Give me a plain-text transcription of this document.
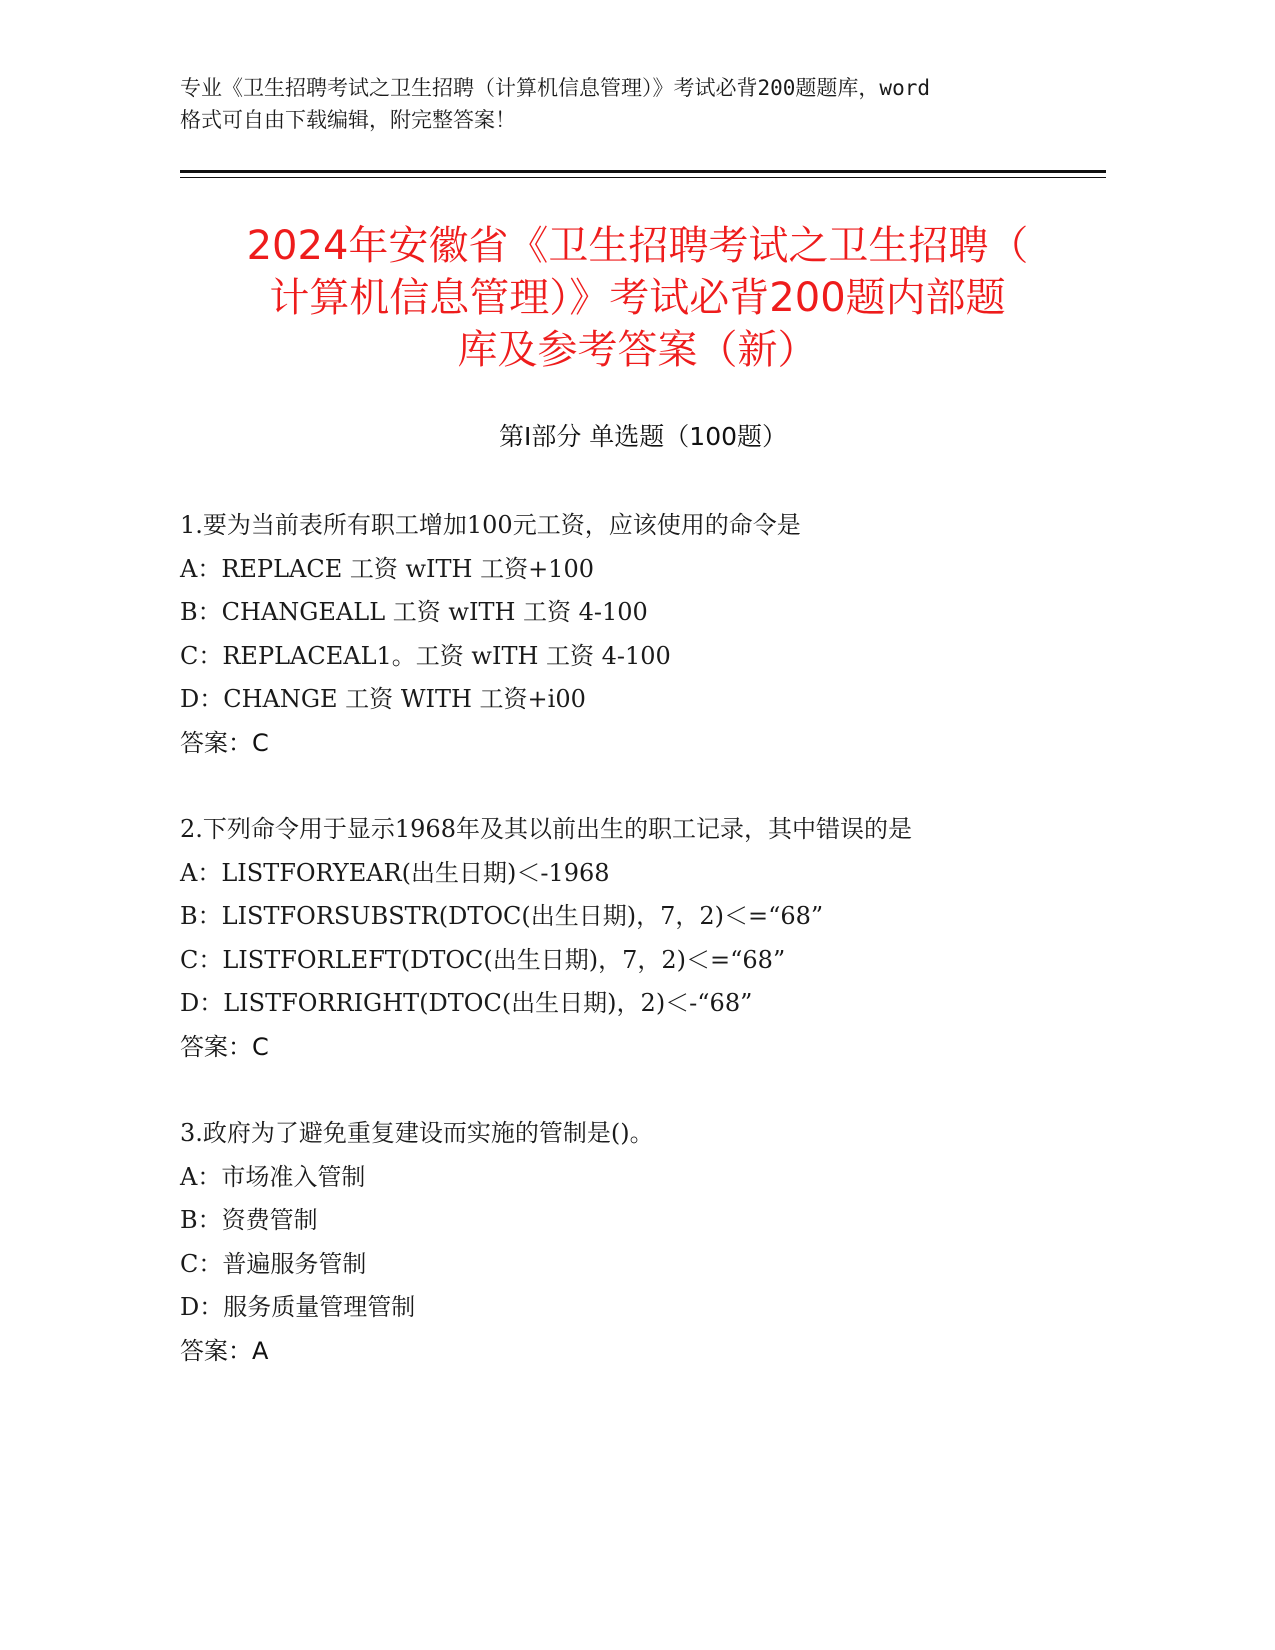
专业《卫生招聘考试之卫生招聘（计算机信息管理）》考试必背200题题库，word
格式可自由下载编辑，附完整答案！
2024年安徽省《卫生招聘考试之卫生招聘（
计算机信息管理）》考试必背200题内部题
库及参考答案（新）
第Ⅰ部分 单选题（100题）
1.要为当前表所有职工增加100元工资，应该使用的命令是
A：REPLACE 工资 wITH 工资+100
B：CHANGEALL 工资 wITH 工资 4-100
C：REPLACEAL1。工资 wITH 工资 4-100
D：CHANGE 工资 WITH 工资+i00
答案：C
2.下列命令用于显示1968年及其以前出生的职工记录，其中错误的是
A：LISTFORYEAR(出生日期)＜-1968
B：LISTFORSUBSTR(DTOC(出生日期)，7，2)＜=“68”
C：LISTFORLEFT(DTOC(出生日期)，7，2)＜=“68”
D：LISTFORRIGHT(DTOC(出生日期)，2)＜-“68”
答案：C
3.政府为了避免重复建设而实施的管制是()。
A：市场准入管制
B：资费管制
C：普遍服务管制
D：服务质量管理管制
答案：A
